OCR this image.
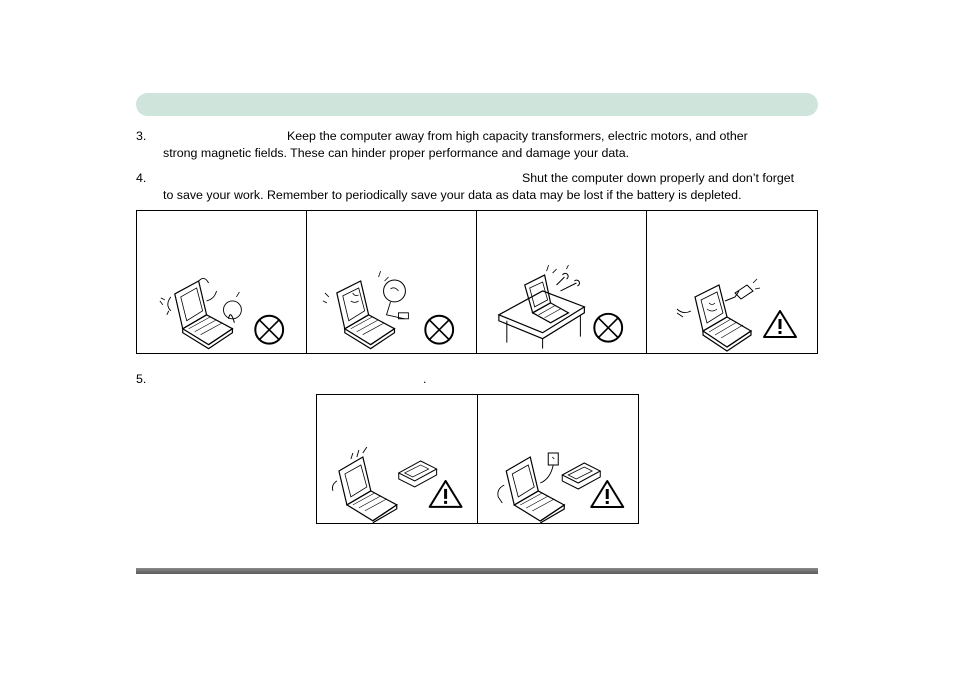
3.	Keep the computer away from high capacity transformers, electric motors, and other
strong magnetic fields. These can hinder proper performance and damage your data.
4.	Shut the computer down properly and don’t forget
to save your work. Remember to periodically save your data as data may be lost if the battery is depleted.
5.	.
